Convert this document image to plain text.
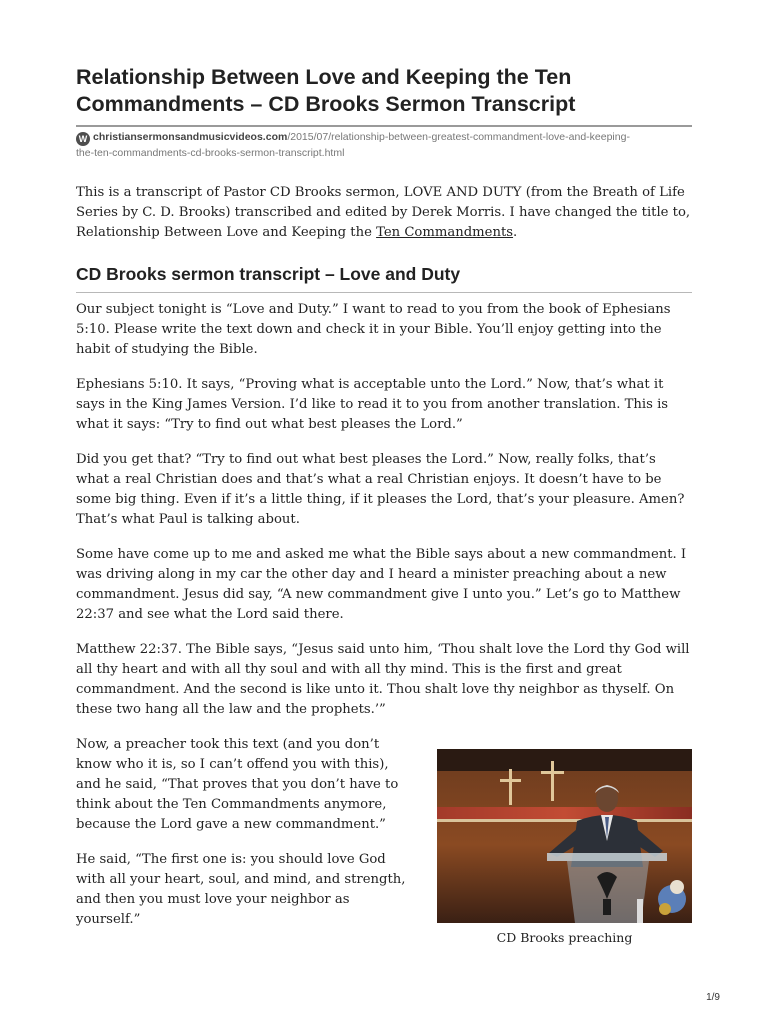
Relationship Between Love and Keeping the Ten
Commandments – CD Brooks Sermon Transcript
W christiansermonsandmusicvideos.com/2015/07/relationship-between-greatest-commandment-love-and-keeping-
the-ten-commandments-cd-brooks-sermon-transcript.html

This is a transcript of Pastor CD Brooks sermon, LOVE AND DUTY (from the Breath of Life Series by C. D. Brooks) transcribed and edited by Derek Morris. I have changed the title to, Relationship Between Love and Keeping the Ten Commandments.

CD Brooks sermon transcript – Love and Duty

Our subject tonight is “Love and Duty.” I want to read to you from the book of Ephesians 5:10. Please write the text down and check it in your Bible. You’ll enjoy getting into the habit of studying the Bible.

Ephesians 5:10. It says, “Proving what is acceptable unto the Lord.” Now, that’s what it says in the King James Version. I’d like to read it to you from another translation. This is what it says: “Try to find out what best pleases the Lord.”

Did you get that? “Try to find out what best pleases the Lord.” Now, really folks, that’s what a real Christian does and that’s what a real Christian enjoys. It doesn’t have to be some big thing. Even if it’s a little thing, if it pleases the Lord, that’s your pleasure. Amen? That’s what Paul is talking about.

Some have come up to me and asked me what the Bible says about a new commandment. I was driving along in my car the other day and I heard a minister preaching about a new commandment. Jesus did say, “A new commandment give I unto you.” Let’s go to Matthew 22:37 and see what the Lord said there.

Matthew 22:37. The Bible says, “Jesus said unto him, ‘Thou shalt love the Lord thy God will all thy heart and with all thy soul and with all thy mind. This is the first and great commandment. And the second is like unto it. Thou shalt love thy neighbor as thyself. On these two hang all the law and the prophets.’”

Now, a preacher took this text (and you don’t know who it is, so I can’t offend you with this), and he said, “That proves that you don’t have to think about the Ten Commandments anymore, because the Lord gave a new commandment.”

He said, “The first one is: you should love God with all your heart, soul, and mind, and strength, and then you must love your neighbor as yourself.”

CD Brooks preaching
1/9
